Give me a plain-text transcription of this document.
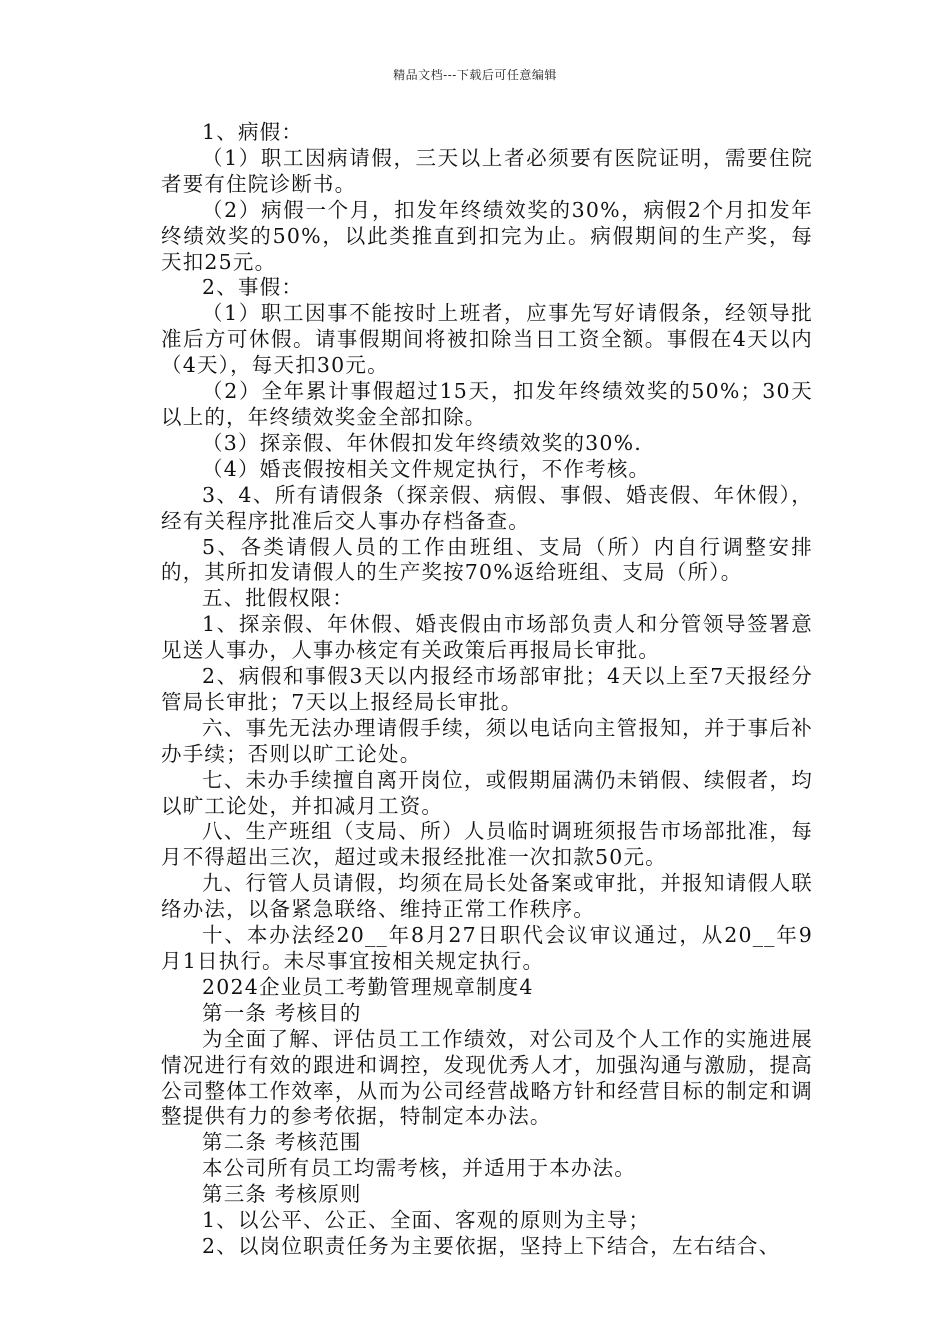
精品文档---下载后可任意编辑

1、病假：

（1）职工因病请假，三天以上者必须要有医院证明，需要住院者要有住院诊断书。

（2）病假一个月，扣发年终绩效奖的30%，病假2个月扣发年终绩效奖的50%，以此类推直到扣完为止。病假期间的生产奖，每天扣25元。

2、事假：

（1）职工因事不能按时上班者，应事先写好请假条，经领导批准后方可休假。请事假期间将被扣除当日工资全额。事假在4天以内（4天），每天扣30元。

（2）全年累计事假超过15天，扣发年终绩效奖的50%；30天以上的，年终绩效奖金全部扣除。

（3）探亲假、年休假扣发年终绩效奖的30%.

（4）婚丧假按相关文件规定执行，不作考核。

3、4、所有请假条（探亲假、病假、事假、婚丧假、年休假），经有关程序批准后交人事办存档备查。

5、各类请假人员的工作由班组、支局（所）内自行调整安排的，其所扣发请假人的生产奖按70%返给班组、支局（所）。

五、批假权限：

1、探亲假、年休假、婚丧假由市场部负责人和分管领导签署意见送人事办，人事办核定有关政策后再报局长审批。

2、病假和事假3天以内报经市场部审批；4天以上至7天报经分管局长审批；7天以上报经局长审批。

六、事先无法办理请假手续，须以电话向主管报知，并于事后补办手续；否则以旷工论处。

七、未办手续擅自离开岗位，或假期届满仍未销假、续假者，均以旷工论处，并扣减月工资。

八、生产班组（支局、所）人员临时调班须报告市场部批准，每月不得超出三次，超过或未报经批准一次扣款50元。

九、行管人员请假，均须在局长处备案或审批，并报知请假人联络办法，以备紧急联络、维持正常工作秩序。

十、本办法经20__年8月27日职代会议审议通过，从20__年9月1日执行。未尽事宜按相关规定执行。

2024企业员工考勤管理规章制度4

第一条 考核目的

为全面了解、评估员工工作绩效，对公司及个人工作的实施进展情况进行有效的跟进和调控，发现优秀人才，加强沟通与激励，提高公司整体工作效率，从而为公司经营战略方针和经营目标的制定和调整提供有力的参考依据，特制定本办法。

第二条 考核范围

本公司所有员工均需考核，并适用于本办法。

第三条 考核原则

1、以公平、公正、全面、客观的原则为主导；

2、以岗位职责任务为主要依据，坚持上下结合，左右结合、
